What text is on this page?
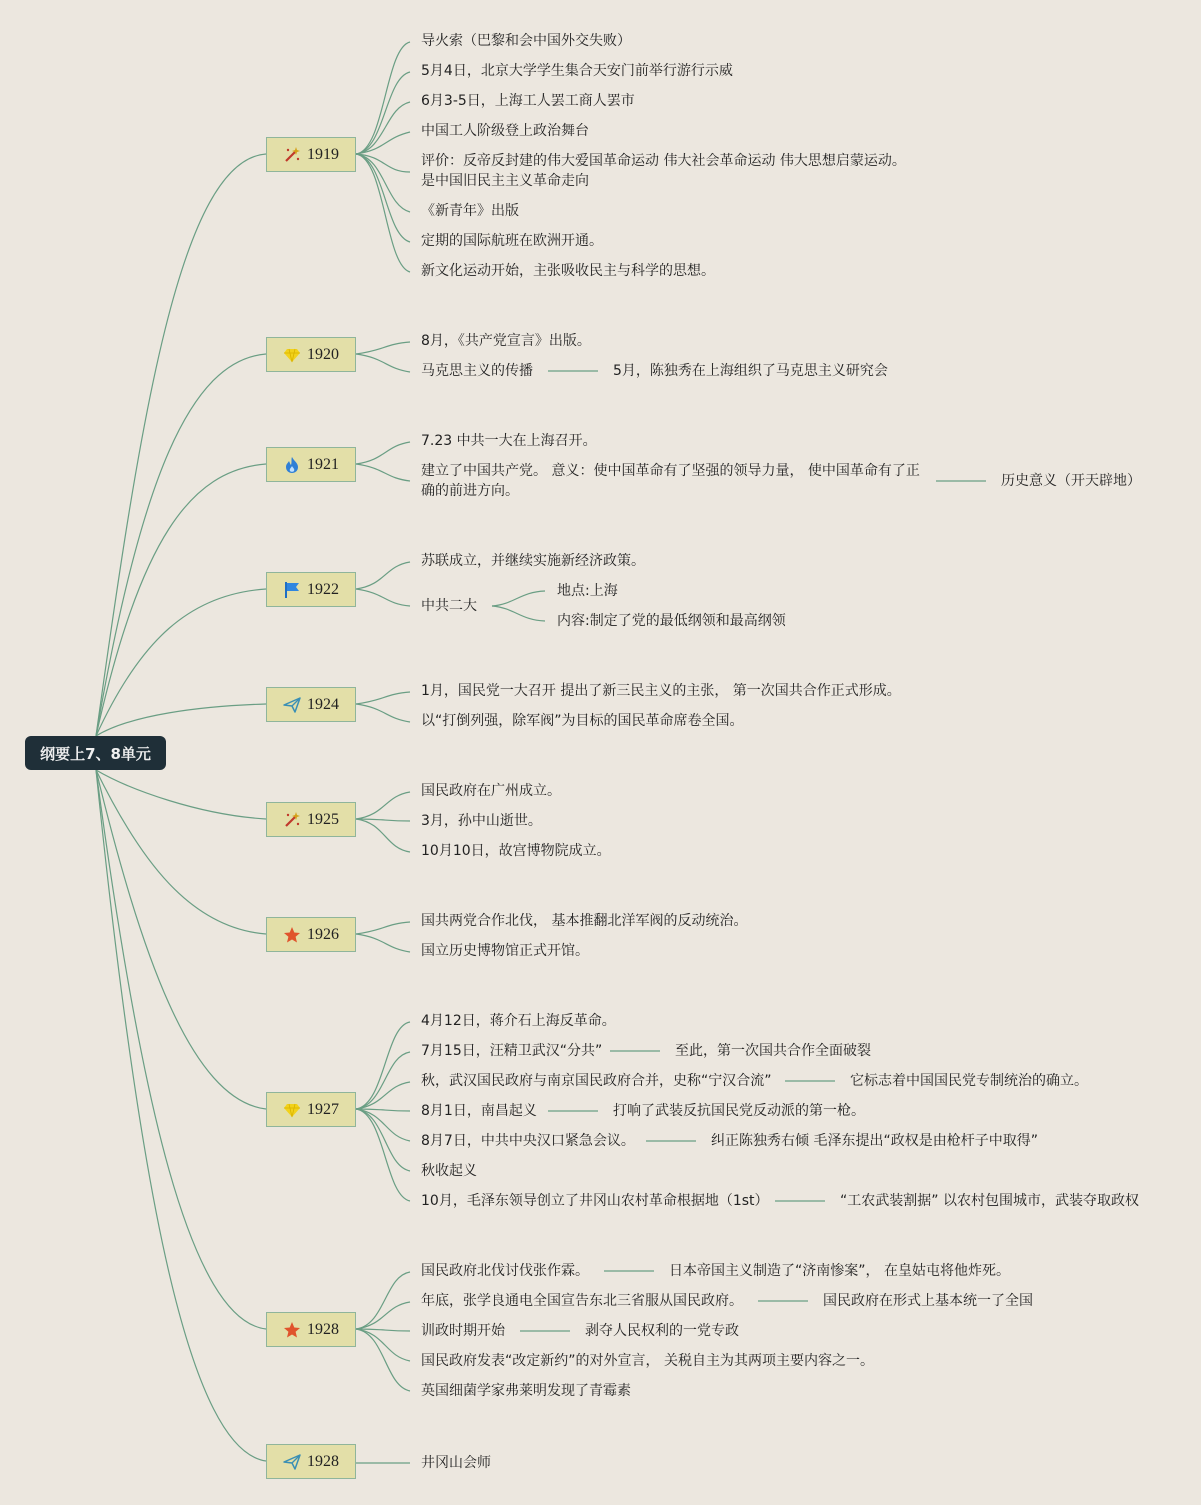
纲要上7、8单元
1919
1920
1921
1922
1924
1925
1926
1927
1928
1928
导火索（巴黎和会中国外交失败）
5月4日，北京大学学生集合天安门前举行游行示威
6月3-5日，上海工人罢工商人罢市
中国工人阶级登上政治舞台
评价：反帝反封建的伟大爱国革命运动 伟大社会革命运动 伟大思想启蒙运动。
是中国旧民主主义革命走向
《新青年》出版
定期的国际航班在欧洲开通。
新文化运动开始，主张吸收民主与科学的思想。
8月，《共产党宣言》出版。
马克思主义的传播	5月，陈独秀在上海组织了马克思主义研究会
7.23 中共一大在上海召开。
建立了中国共产党。 意义：使中国革命有了坚强的领导力量， 使中国革命有了正确的前进方向。
历史意义（开天辟地）
苏联成立，并继续实施新经济政策。
中共二大
地点:上海
内容:制定了党的最低纲领和最高纲领
1月，国民党一大召开 提出了新三民主义的主张， 第一次国共合作正式形成。
以“打倒列强，除军阀”为目标的国民革命席卷全国。
国民政府在广州成立。
3月，孙中山逝世。
10月10日，故宫博物院成立。
国共两党合作北伐， 基本推翻北洋军阀的反动统治。
国立历史博物馆正式开馆。
4月12日，蒋介石上海反革命。
7月15日，汪精卫武汉“分共”	至此，第一次国共合作全面破裂
秋，武汉国民政府与南京国民政府合并，史称“宁汉合流”	它标志着中国国民党专制统治的确立。
8月1日，南昌起义	打响了武装反抗国民党反动派的第一枪。
8月7日，中共中央汉口紧急会议。	纠正陈独秀右倾 毛泽东提出“政权是由枪杆子中取得”
秋收起义
10月，毛泽东领导创立了井冈山农村革命根据地（1st）	“工农武装割据” 以农村包围城市，武装夺取政权
国民政府北伐讨伐张作霖。	日本帝国主义制造了“济南惨案”， 在皇姑屯将他炸死。
年底，张学良通电全国宣告东北三省服从国民政府。	国民政府在形式上基本统一了全国
训政时期开始	剥夺人民权利的一党专政
国民政府发表“改定新约”的对外宣言， 关税自主为其两项主要内容之一。
英国细菌学家弗莱明发现了青霉素
井冈山会师
